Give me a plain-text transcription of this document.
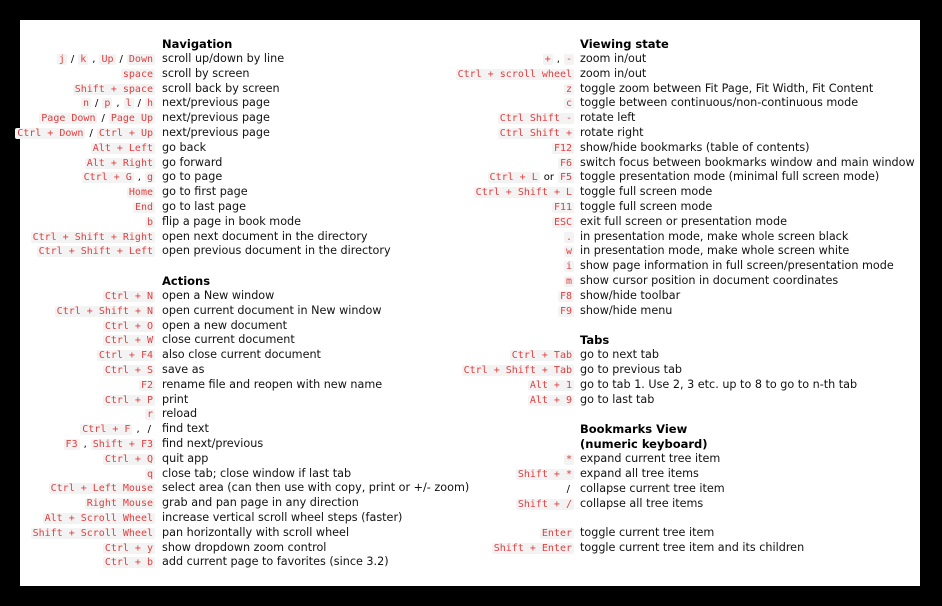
Navigation
j / k , Up / Down scroll up/down by line
space scroll by screen
Shift + space scroll back by screen
n / p , l / h next/previous page
Page Down / Page Up next/previous page
Ctrl + Down / Ctrl + Up next/previous page
Alt + Left go back
Alt + Right go forward
Ctrl + G , g go to page
Home go to first page
End go to last page
b flip a page in book mode
Ctrl + Shift + Right open next document in the directory
Ctrl + Shift + Left open previous document in the directory
Actions
Ctrl + N open a New window
Ctrl + Shift + N open current document in New window
Ctrl + O open a new document
Ctrl + W close current document
Ctrl + F4 also close current document
Ctrl + S save as
F2 rename file and reopen with new name
Ctrl + P print
r reload
Ctrl + F , / find text
F3 , Shift + F3 find next/previous
Ctrl + Q quit app
q close tab; close window if last tab
Ctrl + Left Mouse select area (can then use with copy, print or +/- zoom)
Right Mouse grab and pan page in any direction
Alt + Scroll Wheel increase vertical scroll wheel steps (faster)
Shift + Scroll Wheel pan horizontally with scroll wheel
Ctrl + y show dropdown zoom control
Ctrl + b add current page to favorites (since 3.2)
Viewing state
+ , - zoom in/out
Ctrl + scroll wheel zoom in/out
z toggle zoom between Fit Page, Fit Width, Fit Content
c toggle between continuous/non-continuous mode
Ctrl Shift - rotate left
Ctrl Shift + rotate right
F12 show/hide bookmarks (table of contents)
F6 switch focus between bookmarks window and main window
Ctrl + L or F5 toggle presentation mode (minimal full screen mode)
Ctrl + Shift + L toggle full screen mode
F11 toggle full screen mode
ESC exit full screen or presentation mode
. in presentation mode, make whole screen black
w in presentation mode, make whole screen white
i show page information in full screen/presentation mode
m show cursor position in document coordinates
F8 show/hide toolbar
F9 show/hide menu
Tabs
Ctrl + Tab go to next tab
Ctrl + Shift + Tab go to previous tab
Alt + 1 go to tab 1. Use 2, 3 etc. up to 8 to go to n-th tab
Alt + 9 go to last tab
Bookmarks View
(numeric keyboard)
* expand current tree item
Shift + * expand all tree items
/ collapse current tree item
Shift + / collapse all tree items
Enter toggle current tree item
Shift + Enter toggle current tree item and its children
